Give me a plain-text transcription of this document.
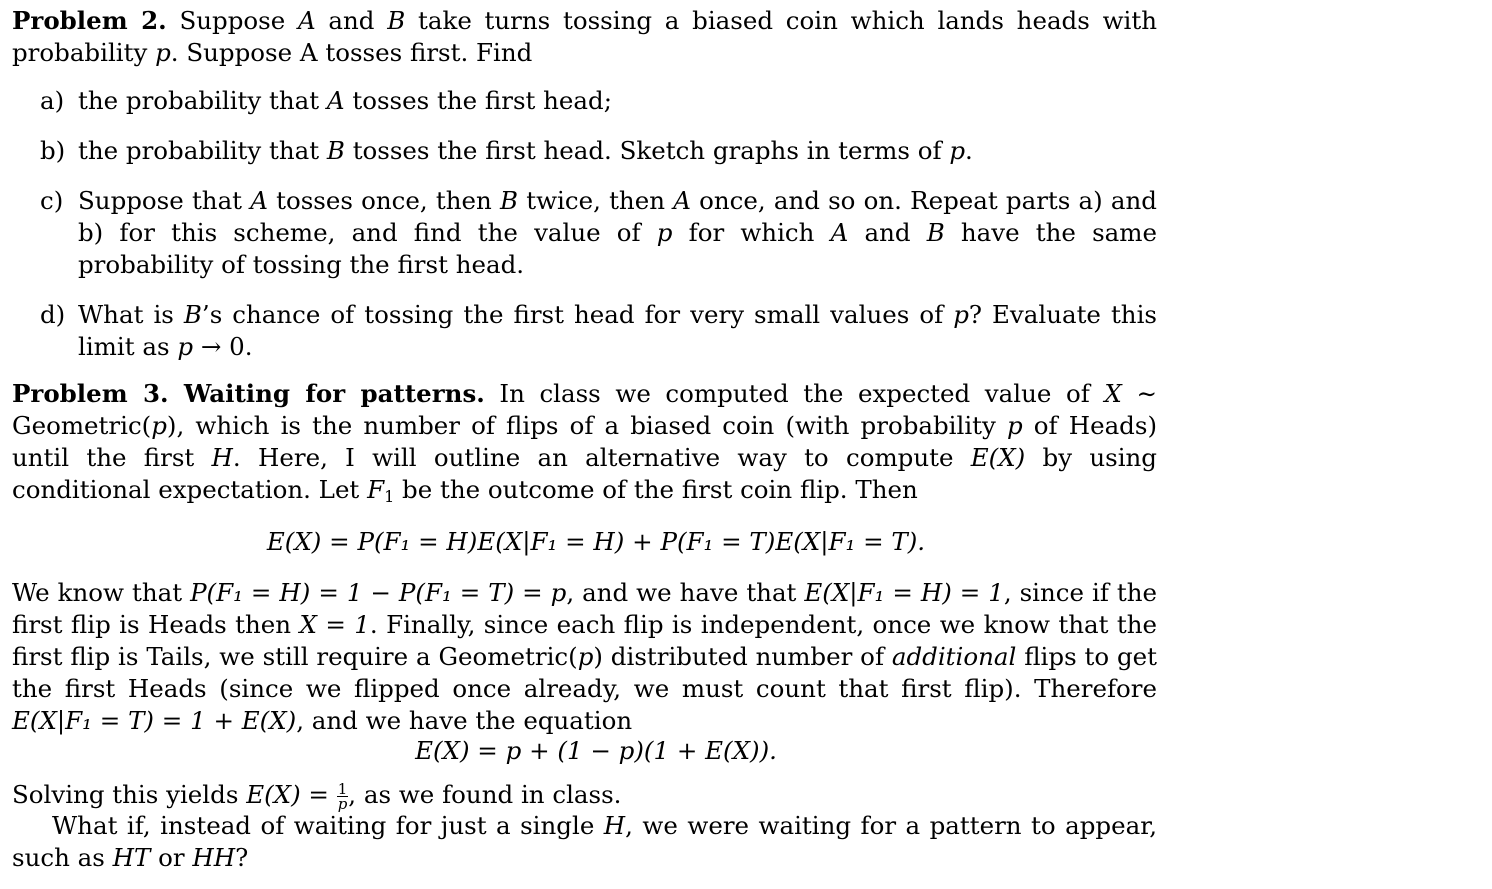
Problem 2. Suppose A and B take turns tossing a biased coin which lands heads with probability p. Suppose A tosses first. Find

a) the probability that A tosses the first head;

b) the probability that B tosses the first head. Sketch graphs in terms of p.

c) Suppose that A tosses once, then B twice, then A once, and so on. Repeat parts a) and b) for this scheme, and find the value of p for which A and B have the same probability of tossing the first head.

d) What is B’s chance of tossing the first head for very small values of p? Evaluate this limit as p → 0.

Problem 3. Waiting for patterns. In class we computed the expected value of X ∼ Geometric(p), which is the number of flips of a biased coin (with probability p of Heads) until the first H. Here, I will outline an alternative way to compute E(X) by using conditional expectation. Let $F_1$ be the outcome of the first coin flip. Then

E(X) = P(F₁ = H)E(X|F₁ = H) + P(F₁ = T)E(X|F₁ = T).

We know that P(F₁ = H) = 1 − P(F₁ = T) = p, and we have that E(X|F₁ = H) = 1, since if the first flip is Heads then X = 1. Finally, since each flip is independent, once we know that the first flip is Tails, we still require a Geometric(p) distributed number of additional flips to get the first Heads (since we flipped once already, we must count that first flip). Therefore E(X|F₁ = T) = 1 + E(X), and we have the equation

E(X) = p + (1 − p)(1 + E(X)).

Solving this yields $E(X) = \frac{1}{p}$ , as we found in class.

What if, instead of waiting for just a single H, we were waiting for a pattern to appear, such as HT or HH?
